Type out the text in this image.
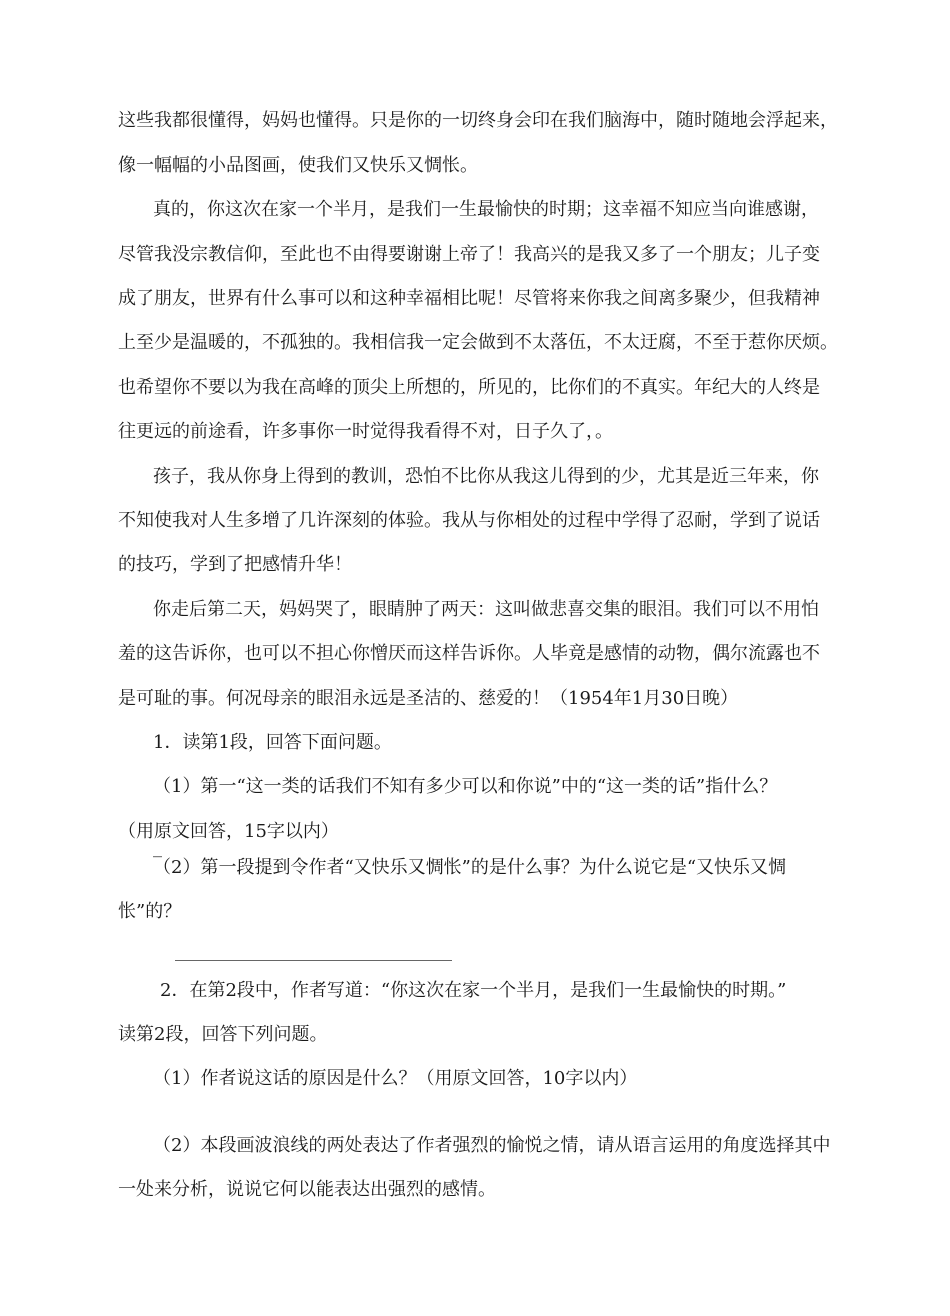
这些我都很懂得，妈妈也懂得。只是你的一切终身会印在我们脑海中，随时随地会浮起来，
像一幅幅的小品图画，使我们又快乐又惆怅。
真的，你这次在家一个半月，是我们一生最愉快的时期；这幸福不知应当向谁感谢，
尽管我没宗教信仰，至此也不由得要谢谢上帝了！我高兴的是我又多了一个朋友；儿子变
成了朋友，世界有什么事可以和这种幸福相比呢！尽管将来你我之间离多聚少，但我精神
上至少是温暖的，不孤独的。我相信我一定会做到不太落伍，不太迂腐，不至于惹你厌烦。
也希望你不要以为我在高峰的顶尖上所想的，所见的，比你们的不真实。年纪大的人终是
往更远的前途看，许多事你一时觉得我看得不对，日子久了，。
孩子，我从你身上得到的教训，恐怕不比你从我这儿得到的少，尤其是近三年来，你
不知使我对人生多增了几许深刻的体验。我从与你相处的过程中学得了忍耐，学到了说话
的技巧，学到了把感情升华！
你走后第二天，妈妈哭了，眼睛肿了两天：这叫做悲喜交集的眼泪。我们可以不用怕
羞的这告诉你，也可以不担心你憎厌而这样告诉你。人毕竟是感情的动物，偶尔流露也不
是可耻的事。何况母亲的眼泪永远是圣洁的、慈爱的！（1954年1月30日晚）
1．读第1段，回答下面问题。
（1）第一“这一类的话我们不知有多少可以和你说”中的“这一类的话”指什么？
（用原文回答，15字以内）
_
（2）第一段提到令作者“又快乐又惆怅”的是什么事？为什么说它是“又快乐又惆
怅”的？
2．在第2段中，作者写道：“你这次在家一个半月，是我们一生最愉快的时期。”
读第2段，回答下列问题。
（1）作者说这话的原因是什么？（用原文回答，10字以内）
（2）本段画波浪线的两处表达了作者强烈的愉悦之情，请从语言运用的角度选择其中
一处来分析，说说它何以能表达出强烈的感情。
